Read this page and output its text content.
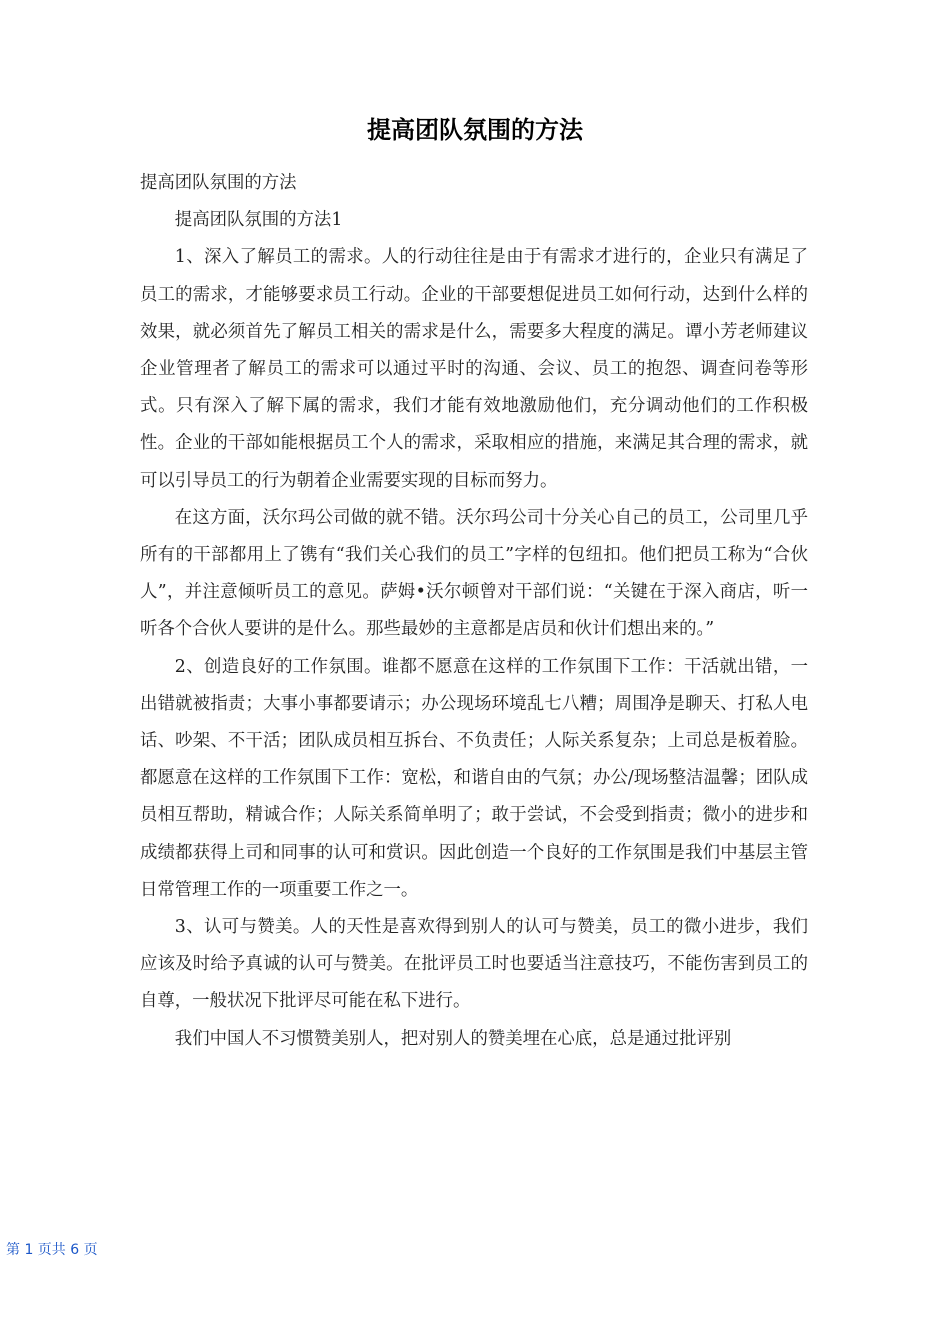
提高团队氛围的方法

提高团队氛围的方法

提高团队氛围的方法1

1、深入了解员工的需求。人的行动往往是由于有需求才进行的，企业只有满足了员工的需求，才能够要求员工行动。企业的干部要想促进员工如何行动，达到什么样的效果，就必须首先了解员工相关的需求是什么，需要多大程度的满足。谭小芳老师建议企业管理者了解员工的需求可以通过平时的沟通、会议、员工的抱怨、调查问卷等形式。只有深入了解下属的需求，我们才能有效地激励他们，充分调动他们的工作积极性。企业的干部如能根据员工个人的需求，采取相应的措施，来满足其合理的需求，就可以引导员工的行为朝着企业需要实现的目标而努力。

在这方面，沃尔玛公司做的就不错。沃尔玛公司十分关心自己的员工，公司里几乎所有的干部都用上了镌有“我们关心我们的员工”字样的包纽扣。他们把员工称为“合伙人”，并注意倾听员工的意见。萨姆•沃尔顿曾对干部们说：“关键在于深入商店，听一听各个合伙人要讲的是什么。那些最妙的主意都是店员和伙计们想出来的。”

2、创造良好的工作氛围。谁都不愿意在这样的工作氛围下工作：干活就出错，一出错就被指责；大事小事都要请示；办公现场环境乱七八糟；周围净是聊天、打私人电话、吵架、不干活；团队成员相互拆台、不负责任；人际关系复杂；上司总是板着脸。都愿意在这样的工作氛围下工作：宽松，和谐自由的气氛；办公/现场整洁温馨；团队成员相互帮助，精诚合作；人际关系简单明了；敢于尝试，不会受到指责；微小的进步和成绩都获得上司和同事的认可和赏识。因此创造一个良好的工作氛围是我们中基层主管日常管理工作的一项重要工作之一。

3、认可与赞美。人的天性是喜欢得到别人的认可与赞美，员工的微小进步，我们应该及时给予真诚的认可与赞美。在批评员工时也要适当注意技巧，不能伤害到员工的自尊，一般状况下批评尽可能在私下进行。

我们中国人不习惯赞美别人，把对别人的赞美埋在心底，总是通过批评别

第 1 页共 6 页
